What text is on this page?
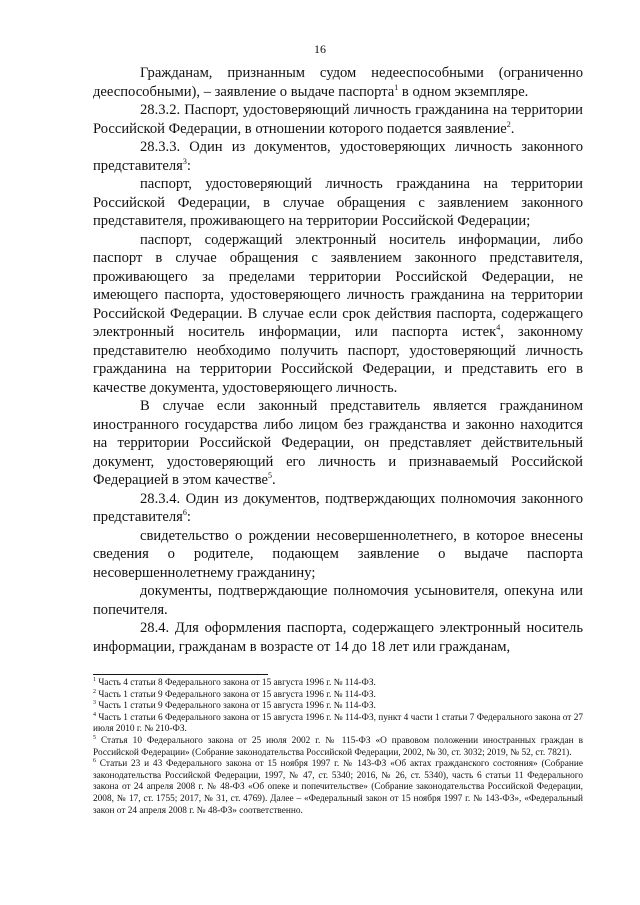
16

Гражданам, признанным судом недееспособными (ограниченно дееспособными), – заявление о выдаче паспорта$^1$ в одном экземпляре.

28.3.2. Паспорт, удостоверяющий личность гражданина на территории Российской Федерации, в отношении которого подается заявление$^2$.

28.3.3. Один из документов, удостоверяющих личность законного представителя$^3$:

паспорт, удостоверяющий личность гражданина на территории Российской Федерации, в случае обращения с заявлением законного представителя, проживающего на территории Российской Федерации;

паспорт, содержащий электронный носитель информации, либо паспорт в случае обращения с заявлением законного представителя, проживающего за пределами территории Российской Федерации, не имеющего паспорта, удостоверяющего личность гражданина на территории Российской Федерации. В случае если срок действия паспорта, содержащего электронный носитель информации, или паспорта истек$^4$, законному представителю необходимо получить паспорт, удостоверяющий личность гражданина на территории Российской Федерации, и представить его в качестве документа, удостоверяющего личность.

В случае если законный представитель является гражданином иностранного государства либо лицом без гражданства и законно находится на территории Российской Федерации, он представляет действительный документ, удостоверяющий его личность и признаваемый Российской Федерацией в этом качестве$^5$.

28.3.4. Один из документов, подтверждающих полномочия законного представителя$^6$:

свидетельство о рождении несовершеннолетнего, в которое внесены сведения о родителе, подающем заявление о выдаче паспорта несовершеннолетнему гражданину;

документы, подтверждающие полномочия усыновителя, опекуна или попечителя.

28.4. Для оформления паспорта, содержащего электронный носитель информации, гражданам в возрасте от 14 до 18 лет или гражданам,

$^1$ Часть 4 статьи 8 Федерального закона от 15 августа 1996 г. № 114-ФЗ.

$^2$ Часть 1 статьи 9 Федерального закона от 15 августа 1996 г. № 114-ФЗ.

$^3$ Часть 1 статьи 9 Федерального закона от 15 августа 1996 г. № 114-ФЗ.

$^4$ Часть 1 статьи 6 Федерального закона от 15 августа 1996 г. № 114-ФЗ, пункт 4 части 1 статьи 7 Федерального закона от 27 июля 2010 г. № 210-ФЗ.

$^5$ Статья 10 Федерального закона от 25 июля 2002 г. № 115-ФЗ «О правовом положении иностранных граждан в Российской Федерации» (Собрание законодательства Российской Федерации, 2002, № 30, ст. 3032; 2019, № 52, ст. 7821).

$^6$ Статьи 23 и 43 Федерального закона от 15 ноября 1997 г. № 143-ФЗ «Об актах гражданского состояния» (Собрание законодательства Российской Федерации, 1997, № 47, ст. 5340; 2016, № 26, ст. 5340), часть 6 статьи 11 Федерального закона от 24 апреля 2008 г. № 48-ФЗ «Об опеке и попечительстве» (Собрание законодательства Российской Федерации, 2008, № 17, ст. 1755; 2017, № 31, ст. 4769). Далее – «Федеральный закон от 15 ноября 1997 г. № 143-ФЗ», «Федеральный закон от 24 апреля 2008 г. № 48-ФЗ» соответственно.
